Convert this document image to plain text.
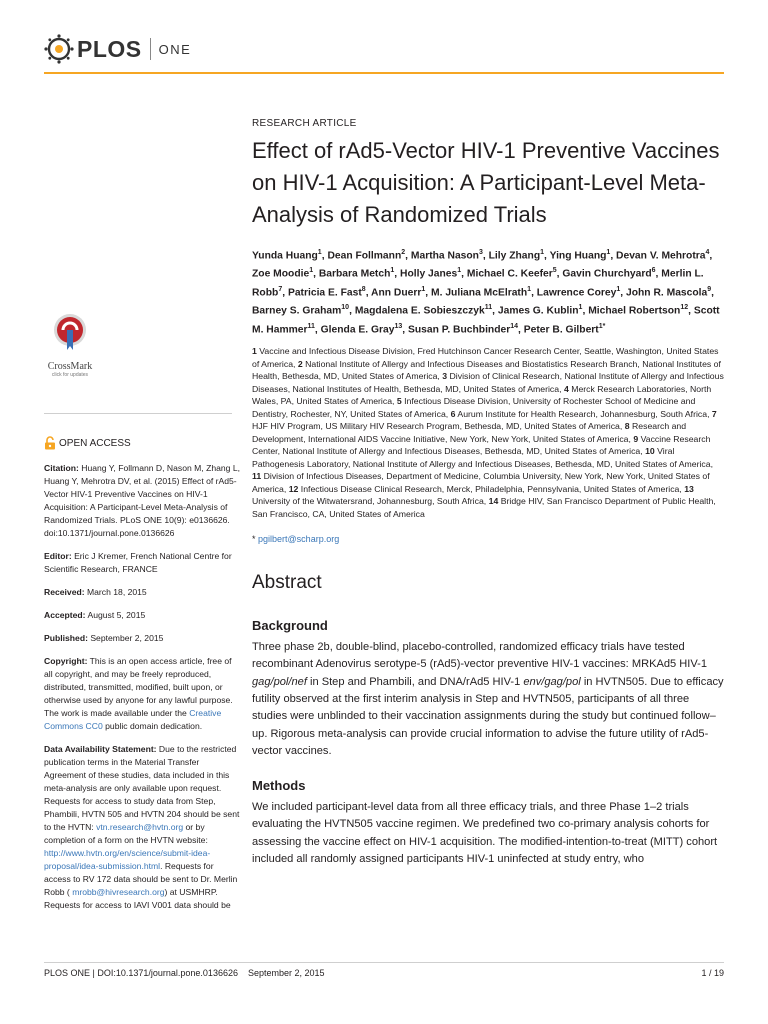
PLOS ONE
CrossMark
click for updates
OPEN ACCESS
Citation: Huang Y, Follmann D, Nason M, Zhang L, Huang Y, Mehrotra DV, et al. (2015) Effect of rAd5-Vector HIV-1 Preventive Vaccines on HIV-1 Acquisition: A Participant-Level Meta-Analysis of Randomized Trials. PLoS ONE 10(9): e0136626. doi:10.1371/journal.pone.0136626
Editor: Eric J Kremer, French National Centre for Scientific Research, FRANCE
Received: March 18, 2015
Accepted: August 5, 2015
Published: September 2, 2015
Copyright: This is an open access article, free of all copyright, and may be freely reproduced, distributed, transmitted, modified, built upon, or otherwise used by anyone for any lawful purpose. The work is made available under the Creative Commons CC0 public domain dedication.
Data Availability Statement: Due to the restricted publication terms in the Material Transfer Agreement of these studies, data included in this meta-analysis are only available upon request. Requests for access to study data from Step, Phambili, HVTN 505 and HVTN 204 should be sent to the HVTN: vtn.research@hvtn.org or by completion of a form on the HVTN website: http://www.hvtn.org/en/science/submit-idea-proposal/idea-submission.html. Requests for access to RV 172 data should be sent to Dr. Merlin Robb ( mrobb@hivresearch.org) at USMHRP. Requests for access to IAVI V001 data should be
RESEARCH ARTICLE
Effect of rAd5-Vector HIV-1 Preventive Vaccines on HIV-1 Acquisition: A Participant-Level Meta-Analysis of Randomized Trials
Yunda Huang$^1$, Dean Follmann$^2$, Martha Nason$^3$, Lily Zhang$^1$, Ying Huang$^1$, Devan V. Mehrotra$^4$, Zoe Moodie$^1$, Barbara Metch$^1$, Holly Janes$^1$, Michael C. Keefer$^5$, Gavin Churchyard$^6$, Merlin L. Robb$^7$, Patricia E. Fast$^8$, Ann Duerr$^1$, M. Juliana McElrath$^1$, Lawrence Corey$^1$, John R. Mascola$^9$, Barney S. Graham$^{10}$, Magdalena E. Sobieszczyk$^{11}$, James G. Kublin$^1$, Michael Robertson$^{12}$, Scott M. Hammer$^{11}$, Glenda E. Gray$^{13}$, Susan P. Buchbinder$^{14}$, Peter B. Gilbert$^{1*}$
1 Vaccine and Infectious Disease Division, Fred Hutchinson Cancer Research Center, Seattle, Washington, United States of America, 2 National Institute of Allergy and Infectious Diseases and Biostatistics Research Branch, National Institutes of Health, Bethesda, MD, United States of America, 3 Division of Clinical Research, National Institute of Allergy and Infectious Diseases, National Institutes of Health, Bethesda, MD, United States of America, 4 Merck Research Laboratories, North Wales, PA, United States of America, 5 Infectious Disease Division, University of Rochester School of Medicine and Dentistry, Rochester, NY, United States of America, 6 Aurum Institute for Health Research, Johannesburg, South Africa, 7 HJF HIV Program, US Military HIV Research Program, Bethesda, MD, United States of America, 8 Research and Development, International AIDS Vaccine Initiative, New York, New York, United States of America, 9 Vaccine Research Center, National Institute of Allergy and Infectious Diseases, Bethesda, MD, United States of America, 10 Viral Pathogenesis Laboratory, National Institute of Allergy and Infectious Diseases, Bethesda, MD, United States of America, 11 Division of Infectious Diseases, Department of Medicine, Columbia University, New York, New York, United States of America, 12 Infectious Disease Clinical Research, Merck, Philadelphia, Pennsylvania, United States of America, 13 University of the Witwatersrand, Johannesburg, South Africa, 14 Bridge HIV, San Francisco Department of Public Health, San Francisco, CA, United States of America
* pgilbert@scharp.org
Abstract
Background

Three phase 2b, double-blind, placebo-controlled, randomized efficacy trials have tested recombinant Adenovirus serotype-5 (rAd5)-vector preventive HIV-1 vaccines: MRKAd5 HIV-1 gag/pol/nef in Step and Phambili, and DNA/rAd5 HIV-1 env/gag/pol in HVTN505. Due to efficacy futility observed at the first interim analysis in Step and HVTN505, participants of all three studies were unblinded to their vaccination assignments during the study but continued follow–up. Rigorous meta-analysis can provide crucial information to advise the future utility of rAd5-vector vaccines.

Methods

We included participant-level data from all three efficacy trials, and three Phase 1–2 trials evaluating the HVTN505 vaccine regimen. We predefined two co-primary analysis cohorts for assessing the vaccine effect on HIV-1 acquisition. The modified-intention-to-treat (MITT) cohort included all randomly assigned participants HIV-1 uninfected at study entry, who

PLOS ONE | DOI:10.1371/journal.pone.0136626    September 2, 2015	1 / 19
